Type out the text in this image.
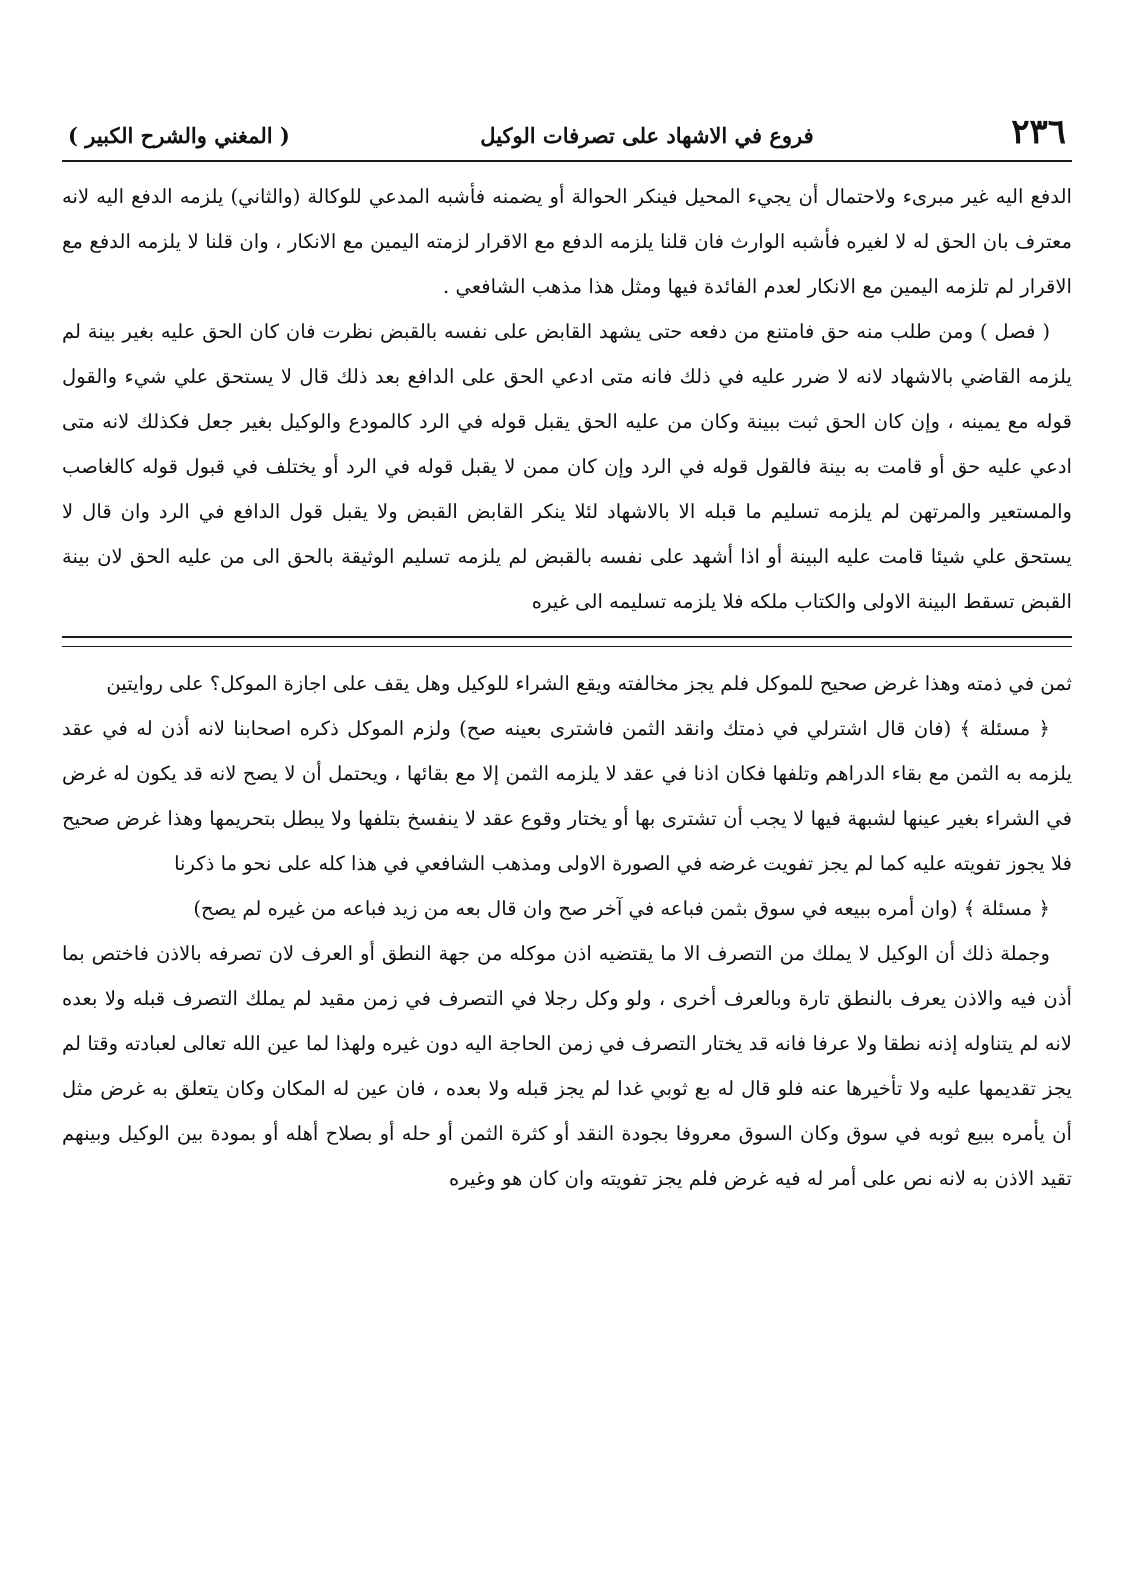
٢٣٦
فروع في الاشهاد على تصرفات الوكيل
( المغني والشرح الكبير )

الدفع اليه غير مبرىء ولاحتمال أن يجيء المحيل فينكر الحوالة أو يضمنه فأشبه المدعي للوكالة (والثاني) يلزمه الدفع اليه لانه معترف بان الحق له لا لغيره فأشبه الوارث فان قلنا يلزمه الدفع مع الاقرار لزمته اليمين مع الانكار ، وان قلنا لا يلزمه الدفع مع الاقرار لم تلزمه اليمين مع الانكار لعدم الفائدة فيها ومثل هذا مذهب الشافعي .

( فصل ) ومن طلب منه حق فامتنع من دفعه حتى يشهد القابض على نفسه بالقبض نظرت فان كان الحق عليه بغير بينة لم يلزمه القاضي بالاشهاد لانه لا ضرر عليه في ذلك فانه متى ادعي الحق على الدافع بعد ذلك قال لا يستحق علي شيء والقول قوله مع يمينه ، وإن كان الحق ثبت ببينة وكان من عليه الحق يقبل قوله في الرد كالمودع والوكيل بغير جعل فكذلك لانه متى ادعي عليه حق أو قامت به بينة فالقول قوله في الرد وإن كان ممن لا يقبل قوله في الرد أو يختلف في قبول قوله كالغاصب والمستعير والمرتهن لم يلزمه تسليم ما قبله الا بالاشهاد لئلا ينكر القابض القبض ولا يقبل قول الدافع في الرد وان قال لا يستحق علي شيئا قامت عليه البينة أو اذا أشهد على نفسه بالقبض لم يلزمه تسليم الوثيقة بالحق الى من عليه الحق لان بينة القبض تسقط البينة الاولى والكتاب ملكه فلا يلزمه تسليمه الى غيره

ثمن في ذمته وهذا غرض صحيح للموكل فلم يجز مخالفته ويقع الشراء للوكيل وهل يقف على اجازة الموكل؟ على روايتين

﴿ مسئلة ﴾ (فان قال اشترلي في ذمتك وانقد الثمن فاشترى بعينه صح) ولزم الموكل ذكره اصحابنا لانه أذن له في عقد يلزمه به الثمن مع بقاء الدراهم وتلفها فكان اذنا في عقد لا يلزمه الثمن إلا مع بقائها ، ويحتمل أن لا يصح لانه قد يكون له غرض في الشراء بغير عينها لشبهة فيها لا يجب أن تشترى بها أو يختار وقوع عقد لا ينفسخ بتلفها ولا يبطل بتحريمها وهذا غرض صحيح فلا يجوز تفويته عليه كما لم يجز تفويت غرضه في الصورة الاولى ومذهب الشافعي في هذا كله على نحو ما ذكرنا

﴿ مسئلة ﴾ (وان أمره ببيعه في سوق بثمن فباعه في آخر صح وان قال بعه من زيد فباعه من غيره لم يصح)

وجملة ذلك أن الوكيل لا يملك من التصرف الا ما يقتضيه اذن موكله من جهة النطق أو العرف لان تصرفه بالاذن فاختص بما أذن فيه والاذن يعرف بالنطق تارة وبالعرف أخرى ، ولو وكل رجلا في التصرف في زمن مقيد لم يملك التصرف قبله ولا بعده لانه لم يتناوله إذنه نطقا ولا عرفا فانه قد يختار التصرف في زمن الحاجة اليه دون غيره ولهذا لما عين الله تعالى لعبادته وقتا لم يجز تقديمها عليه ولا تأخيرها عنه فلو قال له بع ثوبي غدا لم يجز قبله ولا بعده ، فان عين له المكان وكان يتعلق به غرض مثل أن يأمره ببيع ثوبه في سوق وكان السوق معروفا بجودة النقد أو كثرة الثمن أو حله أو بصلاح أهله أو بمودة بين الوكيل وبينهم تقيد الاذن به لانه نص على أمر له فيه غرض فلم يجز تفويته وان كان هو وغيره
